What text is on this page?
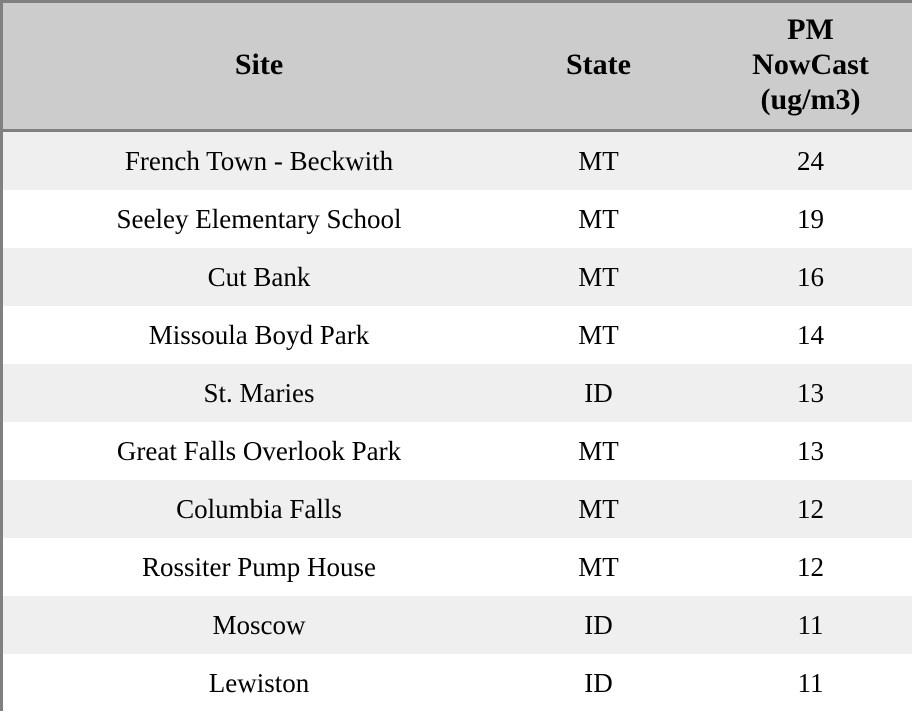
Site	State	PM
NowCast
(ug/m3)

French Town - Beckwith	MT	24
Seeley Elementary School	MT	19
Cut Bank	MT	16
Missoula Boyd Park	MT	14
St. Maries	ID	13
Great Falls Overlook Park	MT	13
Columbia Falls	MT	12
Rossiter Pump House	MT	12
Moscow	ID	11
Lewiston	ID	11
